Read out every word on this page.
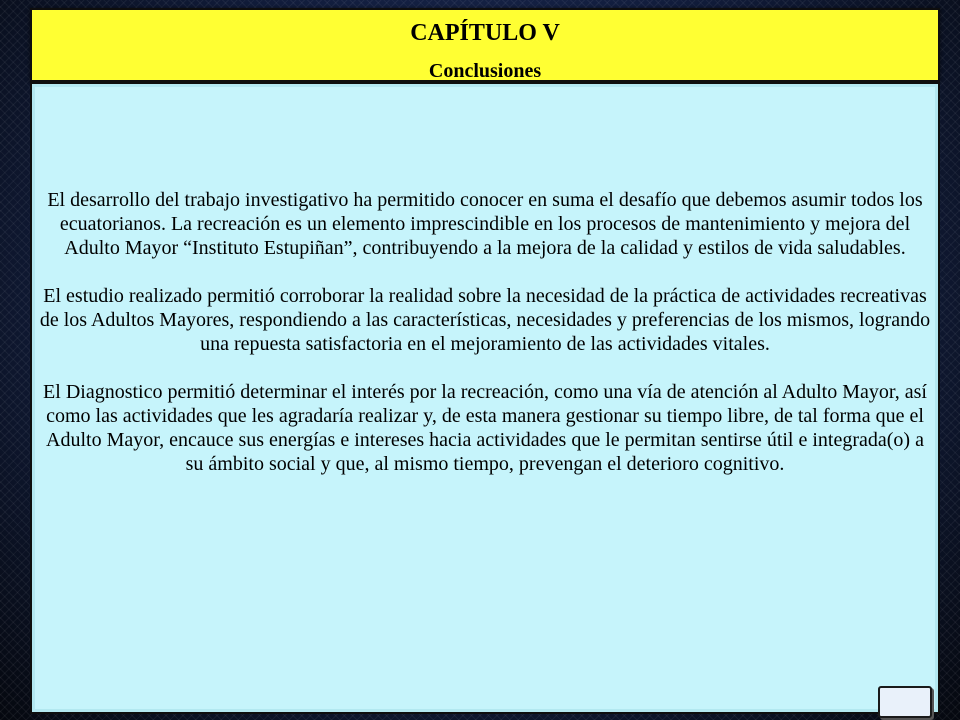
CAPÍTULO V
Conclusiones

El desarrollo del trabajo investigativo ha permitido conocer en suma el desafío que debemos asumir todos los ecuatorianos. La recreación es un elemento imprescindible en los procesos de mantenimiento y mejora del Adulto Mayor “Instituto Estupiñan”, contribuyendo a la mejora de la calidad y estilos de vida saludables.

El estudio realizado permitió corroborar la realidad sobre la necesidad de la práctica de actividades recreativas de los Adultos Mayores, respondiendo a las características, necesidades y preferencias de los mismos, logrando una repuesta satisfactoria en el mejoramiento de las actividades vitales.

El Diagnostico permitió determinar el interés por la recreación, como una vía de atención al Adulto Mayor, así como las actividades que les agradaría realizar y, de esta manera gestionar su tiempo libre, de tal forma que el Adulto Mayor, encauce sus energías e intereses hacia actividades que le permitan sentirse útil e integrada(o) a su ámbito social y que, al mismo tiempo, prevengan el deterioro cognitivo.
